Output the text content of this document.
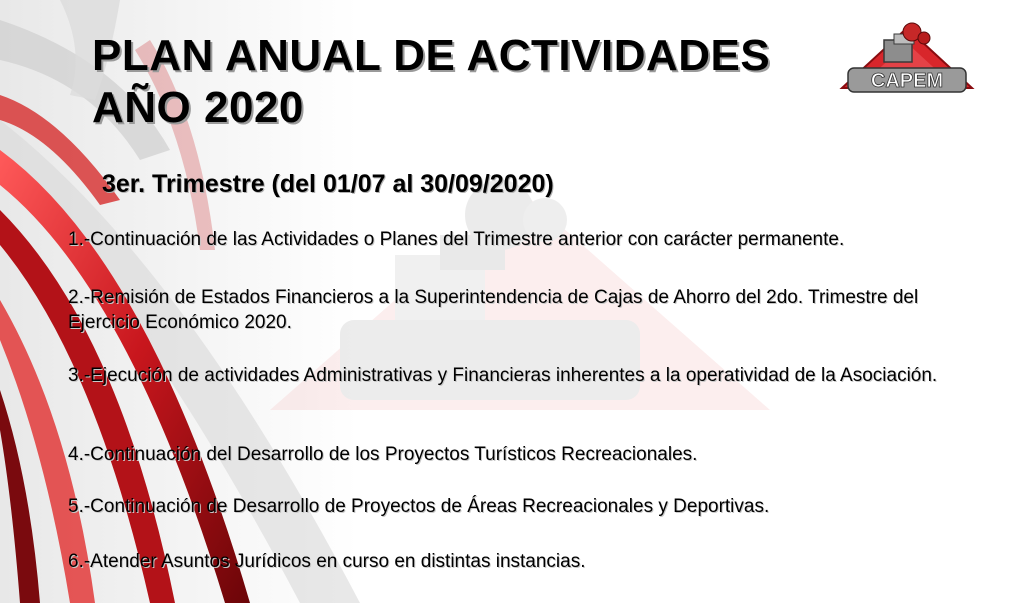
PLAN ANUAL DE ACTIVIDADES
AÑO 2020
CAPEM
3er. Trimestre (del 01/07 al 30/09/2020)
1.-Continuación de las Actividades o Planes del Trimestre anterior con carácter permanente.
2.-Remisión de Estados Financieros a la Superintendencia de Cajas de Ahorro del 2do. Trimestre del Ejercicio Económico 2020.
3.-Ejecución de actividades Administrativas y Financieras inherentes a la operatividad de la Asociación.
4.-Continuación del Desarrollo de los Proyectos Turísticos Recreacionales.
5.-Continuación de Desarrollo de Proyectos de Áreas Recreacionales y Deportivas.
6.-Atender Asuntos Jurídicos en curso en distintas instancias.
